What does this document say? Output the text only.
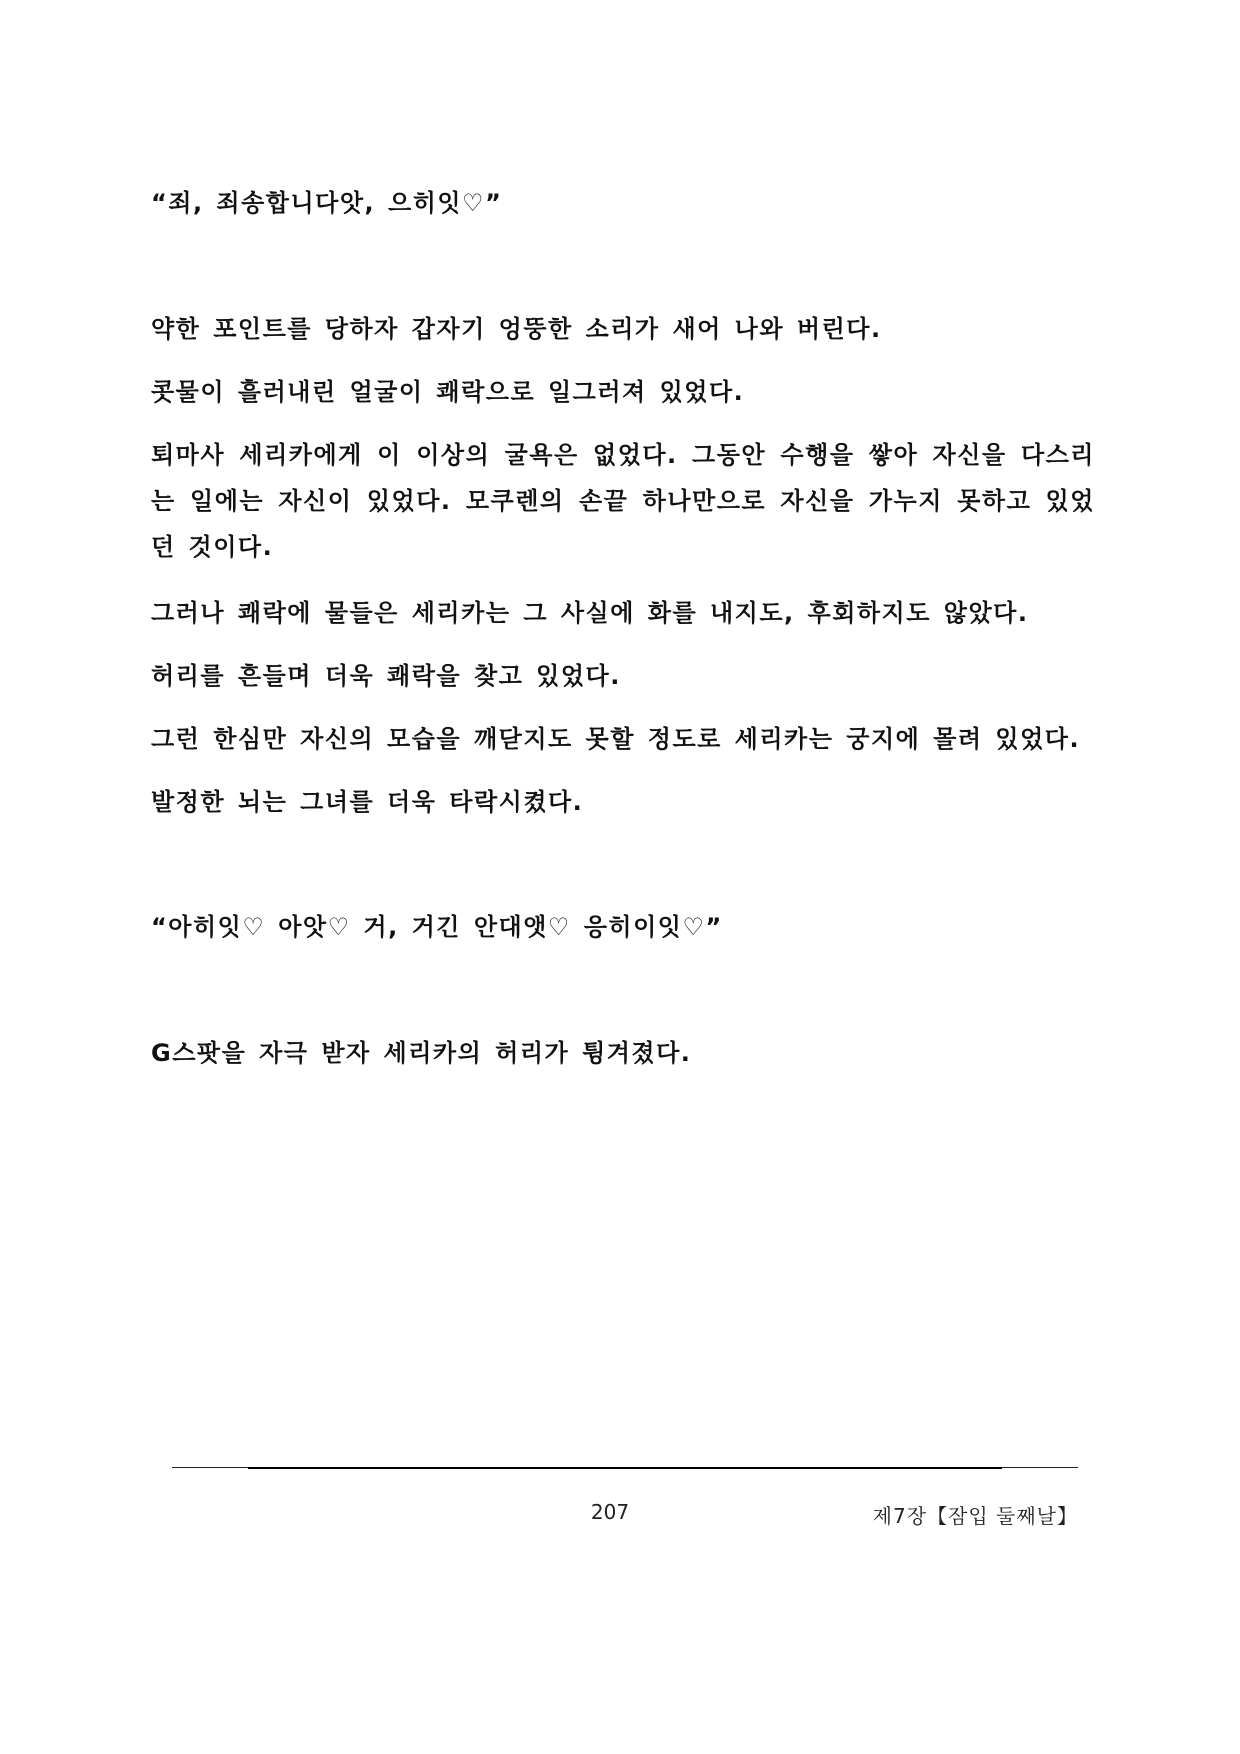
“죄, 죄송합니다앗, 으히잇♡”

약한 포인트를 당하자 갑자기 엉뚱한 소리가 새어 나와 버린다.

콧물이 흘러내린 얼굴이 쾌락으로 일그러져 있었다.

퇴마사 세리카에게 이 이상의 굴욕은 없었다. 그동안 수행을 쌓아 자신을 다스리는 일에는 자신이 있었다. 모쿠렌의 손끝 하나만으로 자신을 가누지 못하고 있었던 것이다.

그러나 쾌락에 물들은 세리카는 그 사실에 화를 내지도, 후회하지도 않았다.

허리를 흔들며 더욱 쾌락을 찾고 있었다.

그런 한심만 자신의 모습을 깨닫지도 못할 정도로 세리카는 궁지에 몰려 있었다.

발정한 뇌는 그녀를 더욱 타락시켰다.

“아히잇♡ 아앗♡ 거, 거긴 안대앳♡ 응히이잇♡”

G스팟을 자극 받자 세리카의 허리가 튕겨졌다.

207	제7장【잠입 둘째날】
